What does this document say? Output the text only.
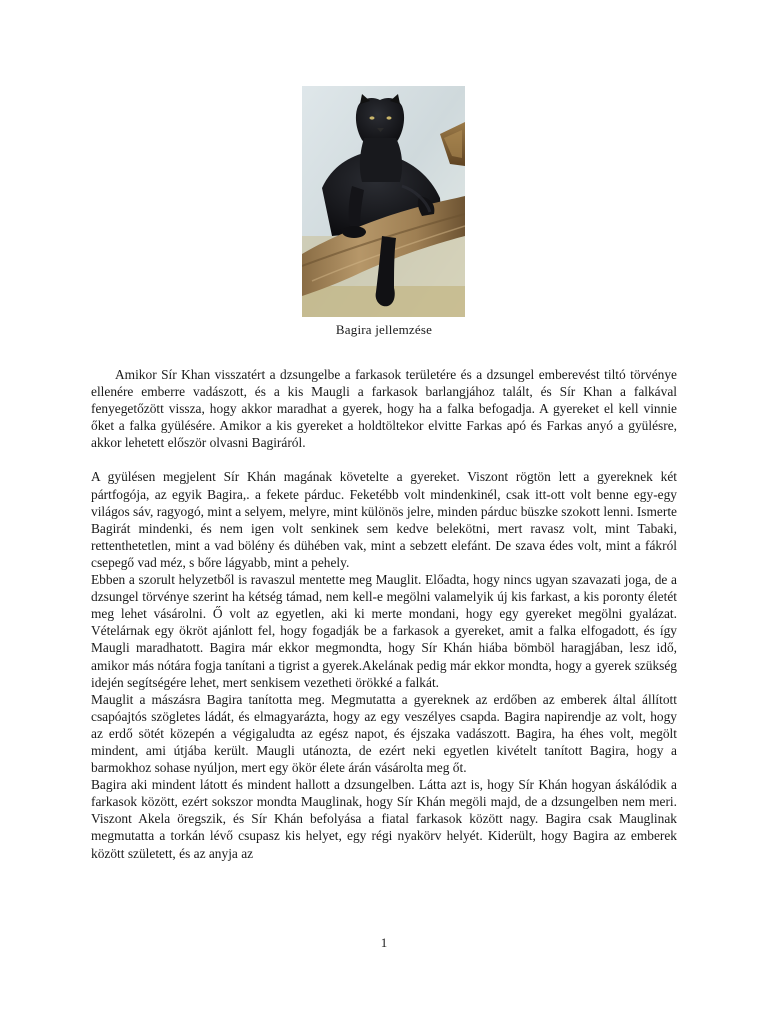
Bagira jellemzése

Amikor Sír Khan visszatért a dzsungelbe a farkasok területére és a dzsungel emberevést tiltó törvénye ellenére emberre vadászott, és a kis Maugli a farkasok barlangjához talált, és Sír Khan a falkával fenyegetőzött vissza, hogy akkor maradhat a gyerek, hogy ha a falka befogadja. A gyereket el kell vinnie őket a falka gyülésére. Amikor a kis gyereket a holdtöltekor elvitte Farkas apó és Farkas anyó a gyülésre, akkor lehetett először olvasni Bagiráról.

A gyülésen megjelent Sír Khán magának követelte a gyereket. Viszont rögtön lett a gyereknek két pártfogója, az egyik Bagira,. a fekete párduc. Feketébb volt mindenkinél, csak itt-ott volt benne egy-egy világos sáv, ragyogó, mint a selyem, melyre, mint különös jelre, minden párduc büszke szokott lenni. Ismerte Bagirát mindenki, és nem igen volt senkinek sem kedve belekötni, mert ravasz volt, mint Tabaki, rettenthetetlen, mint a vad bölény és dühében vak, mint a sebzett elefánt. De szava édes volt, mint a fákról csepegő vad méz, s bőre lágyabb, mint a pehely.

Ebben a szorult helyzetből is ravaszul mentette meg Mauglit. Előadta, hogy nincs ugyan szavazati joga, de a dzsungel törvénye szerint ha kétség támad, nem kell-e megölni valamelyik új kis farkast, a kis poronty életét meg lehet vásárolni. Ő volt az egyetlen, aki ki merte mondani, hogy egy gyereket megölni gyalázat. Vételárnak egy ökröt ajánlott fel, hogy fogadják be a farkasok a gyereket, amit a falka elfogadott, és így Maugli maradhatott. Bagira már ekkor megmondta, hogy Sír Khán hiába bömböl haragjában, lesz idő, amikor más nótára fogja tanítani a tigrist a gyerek.Akelának pedig már ekkor mondta, hogy a gyerek szükség idején segítségére lehet, mert senkisem vezetheti örökké a falkát.

Mauglit a mászásra Bagira tanította meg. Megmutatta a gyereknek az erdőben az emberek által állított csapóajtós szögletes ládát, és elmagyarázta, hogy az egy veszélyes csapda. Bagira napirendje az volt, hogy az erdő sötét közepén a végigaludta az egész napot, és éjszaka vadászott. Bagira, ha éhes volt, megölt mindent, ami útjába került. Maugli utánozta, de ezért neki egyetlen kivételt tanított Bagira, hogy a barmokhoz sohase nyúljon, mert egy ökör élete árán vásárolta meg őt.

Bagira aki mindent látott és mindent hallott a dzsungelben. Látta azt is, hogy Sír Khán hogyan áskálódik a farkasok között, ezért sokszor mondta Mauglinak, hogy Sír Khán megöli majd, de a dzsungelben nem meri. Viszont Akela öregszik, és Sír Khán befolyása a fiatal farkasok között nagy. Bagira csak Mauglinak megmutatta a torkán lévő csupasz kis helyet, egy régi nyakörv helyét. Kiderült, hogy Bagira az emberek között született, és az anyja az

1
